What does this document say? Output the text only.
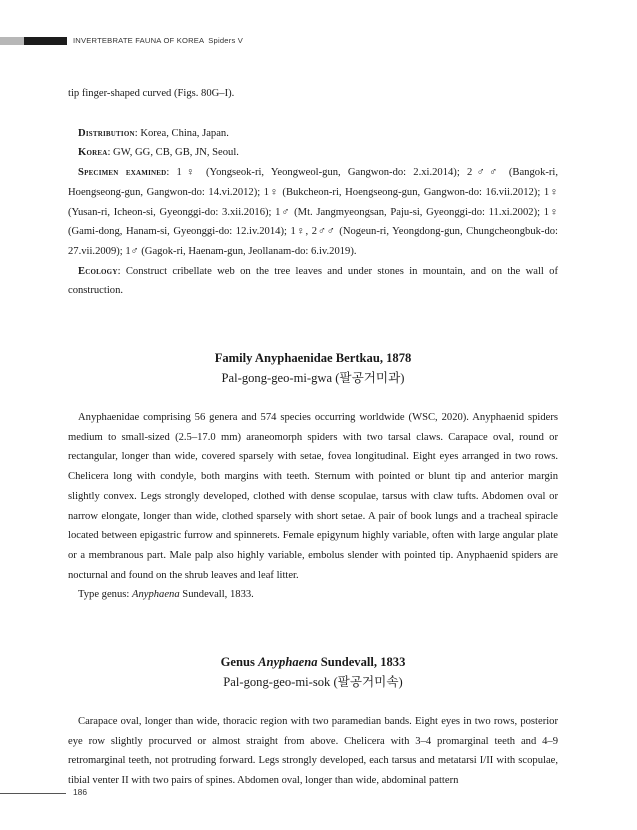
INVERTEBRATE FAUNA OF KOREA Spiders V

tip finger-shaped curved (Figs. 80G‒I).

Distribution: Korea, China, Japan.

Korea: GW, GG, CB, GB, JN, Seoul.

Specimen examined: 1♀ (Yongseok-ri, Yeongweol-gun, Gangwon-do: 2.xi.2014); 2♂♂ (Bangok-ri, Hoengseong-gun, Gangwon-do: 14.vi.2012); 1♀ (Bukcheon-ri, Hoengseong-gun, Gangwon-do: 16.vii.2012); 1♀ (Yusan-ri, Icheon-si, Gyeonggi-do: 3.xii.2016); 1♂ (Mt. Jangmyeongsan, Paju-si, Gyeonggi-do: 11.xi.2002); 1♀ (Gami-dong, Hanam-si, Gyeonggi-do: 12.iv.2014); 1♀, 2♂♂ (Nogeun-ri, Yeongdong-gun, Chungcheongbuk-do: 27.vii.2009); 1♂ (Gagok-ri, Haenam-gun, Jeollanam-do: 6.iv.2019).

Ecology: Construct cribellate web on the tree leaves and under stones in mountain, and on the wall of construction.

Family Anyphaenidae Bertkau, 1878

Pal-gong-geo-mi-gwa (팔공거미과)

Anyphaenidae comprising 56 genera and 574 species occurring worldwide (WSC, 2020). Anyphaenid spiders medium to small-sized (2.5‒17.0 mm) araneomorph spiders with two tarsal claws. Carapace oval, round or rectangular, longer than wide, covered sparsely with setae, fovea longitudinal. Eight eyes arranged in two rows. Chelicera long with condyle, both margins with teeth. Sternum with pointed or blunt tip and anterior margin slightly convex. Legs strongly developed, clothed with dense scopulae, tarsus with claw tufts. Abdomen oval or narrow elongate, longer than wide, clothed sparsely with short setae. A pair of book lungs and a tracheal spiracle located between epigastric furrow and spinnerets. Female epigynum highly variable, often with large angular plate or a membranous part. Male palp also highly variable, embolus slender with pointed tip. Anyphaenid spiders are nocturnal and found on the shrub leaves and leaf litter.

Type genus: Anyphaena Sundevall, 1833.

Genus Anyphaena Sundevall, 1833

Pal-gong-geo-mi-sok (팔공거미속)

Carapace oval, longer than wide, thoracic region with two paramedian bands. Eight eyes in two rows, posterior eye row slightly procurved or almost straight from above. Chelicera with 3‒4 promarginal teeth and 4‒9 retromarginal teeth, not protruding forward. Legs strongly developed, each tarsus and metatarsi I/II with scopulae, tibial venter II with two pairs of spines. Abdomen oval, longer than wide, abdominal pattern

186
